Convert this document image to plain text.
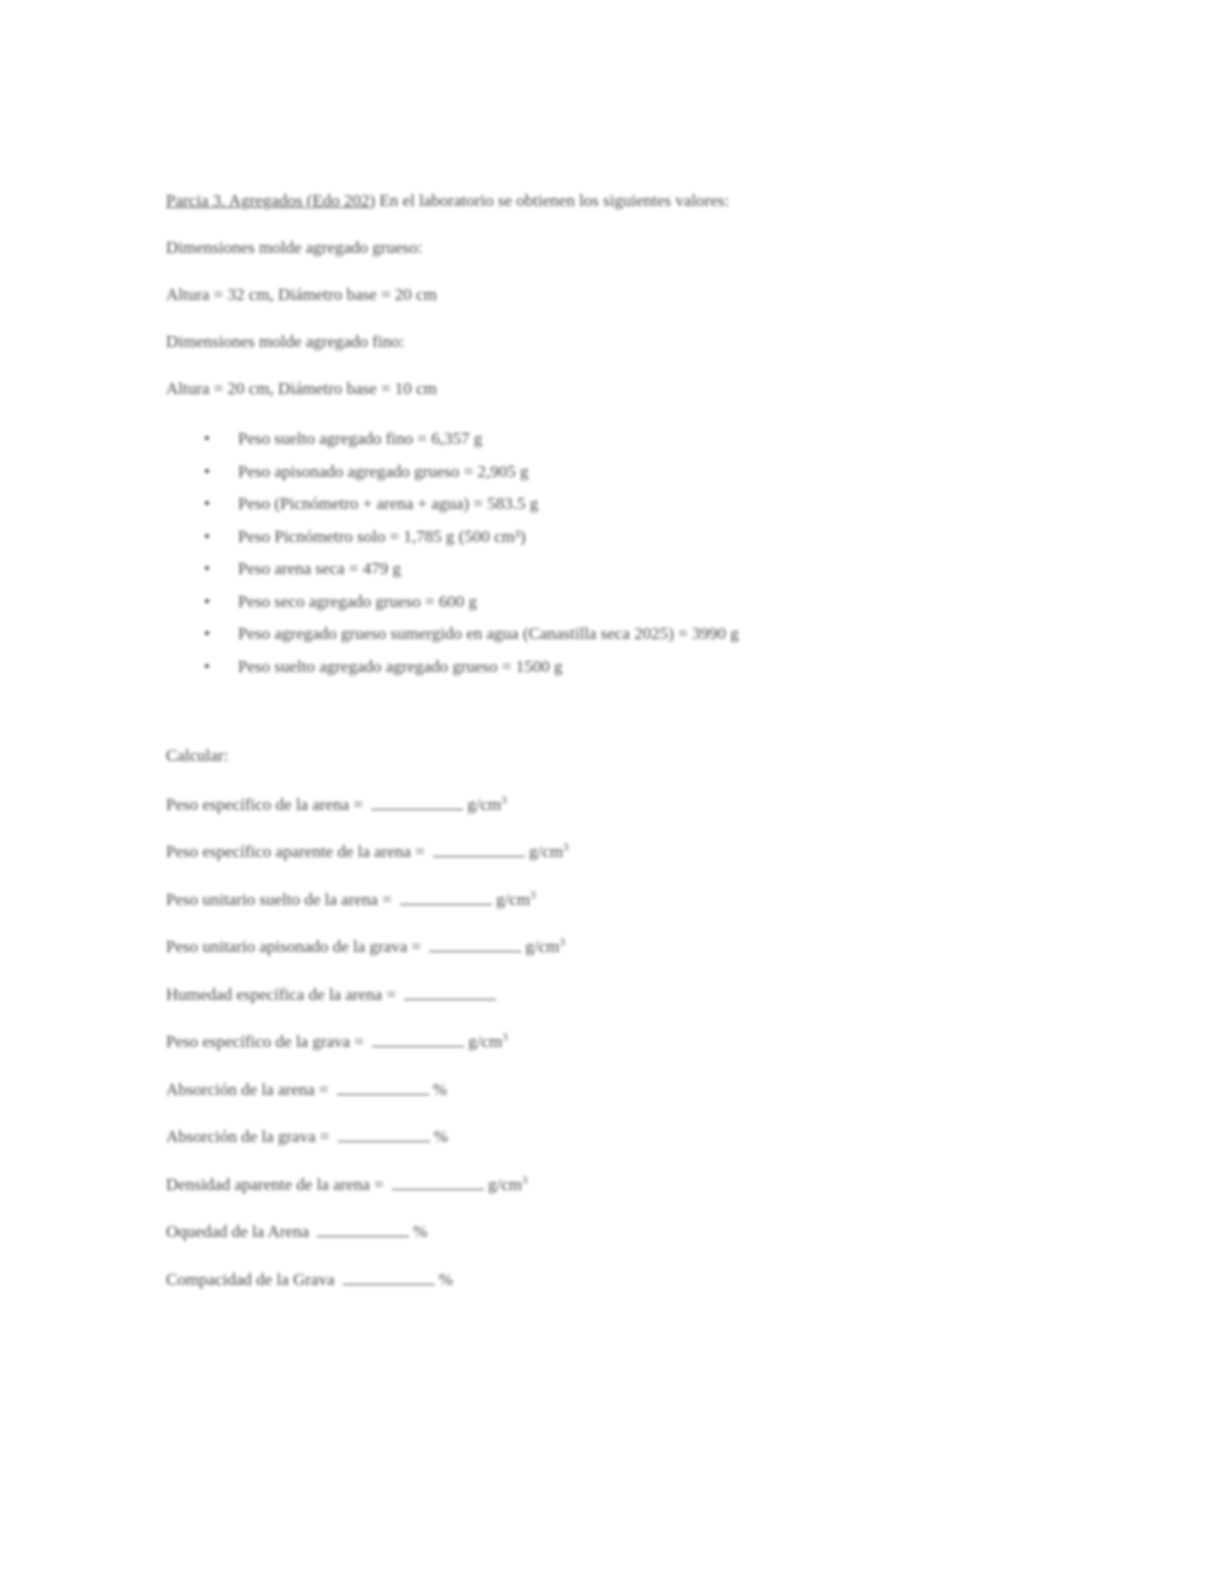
Parcia 3. Agregados (Edo 202) En el laboratorio se obtienen los siguientes valores:

Dimensiones molde agregado grueso:

Altura = 32 cm, Diámetro base = 20 cm

Dimensiones molde agregado fino:

Altura = 20 cm, Diámetro base = 10 cm

• Peso suelto agregado fino = 6,357 g
• Peso apisonado agregado grueso = 2,905 g
• Peso (Picnómetro + arena + agua) = 583.5 g
• Peso Picnómetro solo = 1,785 g (500 cm³)
• Peso arena seca = 479 g
• Peso seco agregado grueso = 600 g
• Peso agregado grueso sumergido en agua (Canastilla seca 2025) = 3990 g
• Peso suelto agregado agregado grueso = 1500 g
Calcular:
Peso específico de la arena =	$g/cm^3$
Peso específico aparente de la arena =	$g/cm^3$
Peso unitario suelto de la arena =	$g/cm^3$
Peso unitario apisonado de la grava =	$g/cm^3$
Humedad específica de la arena =
Peso específico de la grava =	$g/cm^3$
Absorción de la arena =	%
Absorción de la grava =	%
Densidad aparente de la arena =	$g/cm^3$
Oquedad de la Arena	%
Compacidad de la Grava	%
